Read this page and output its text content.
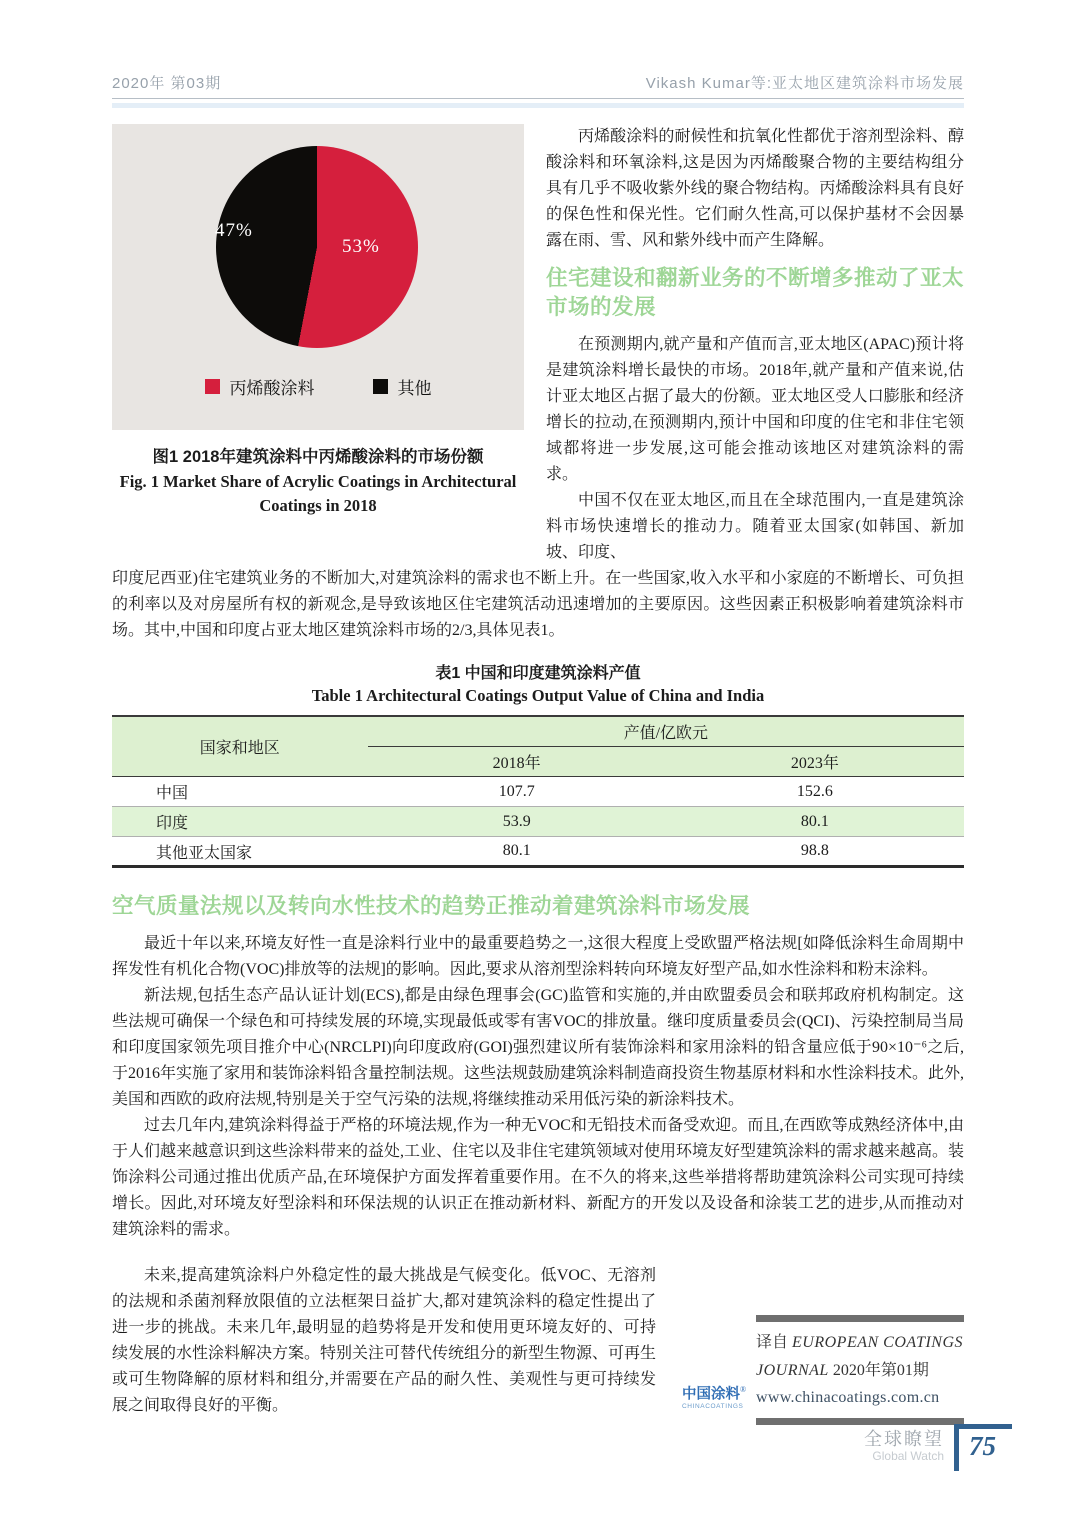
2020年 第03期	Vikash Kumar等:亚太地区建筑涂料市场发展
53%
47%
丙烯酸涂料	其他
图1 2018年建筑涂料中丙烯酸涂料的市场份额
Fig. 1 Market Share of Acrylic Coatings in Architectural
Coatings in 2018

丙烯酸涂料的耐候性和抗氧化性都优于溶剂型涂料、醇酸涂料和环氧涂料,这是因为丙烯酸聚合物的主要结构组分具有几乎不吸收紫外线的聚合物结构。丙烯酸涂料具有良好的保色性和保光性。它们耐久性高,可以保护基材不会因暴露在雨、雪、风和紫外线中而产生降解。

住宅建设和翻新业务的不断增多推动了亚太市场的发展

在预测期内,就产量和产值而言,亚太地区(APAC)预计将是建筑涂料增长最快的市场。2018年,就产量和产值来说,估计亚太地区占据了最大的份额。亚太地区受人口膨胀和经济增长的拉动,在预测期内,预计中国和印度的住宅和非住宅领域都将进一步发展,这可能会推动该地区对建筑涂料的需求。

中国不仅在亚太地区,而且在全球范围内,一直是建筑涂料市场快速增长的推动力。随着亚太国家(如韩国、新加坡、印度、

印度尼西亚)住宅建筑业务的不断加大,对建筑涂料的需求也不断上升。在一些国家,收入水平和小家庭的不断增长、可负担的利率以及对房屋所有权的新观念,是导致该地区住宅建筑活动迅速增加的主要原因。这些因素正积极影响着建筑涂料市场。其中,中国和印度占亚太地区建筑涂料市场的2/3,具体见表1。

表1 中国和印度建筑涂料产值
Table 1 Architectural Coatings Output Value of China and India
国家和地区	产值/亿欧元	
	2018年	2023年
中国	107.7	152.6
印度	53.9	80.1
其他亚太国家	80.1	98.8
空气质量法规以及转向水性技术的趋势正推动着建筑涂料市场发展

最近十年以来,环境友好性一直是涂料行业中的最重要趋势之一,这很大程度上受欧盟严格法规[如降低涂料生命周期中挥发性有机化合物(VOC)排放等的法规]的影响。因此,要求从溶剂型涂料转向环境友好型产品,如水性涂料和粉末涂料。

新法规,包括生态产品认证计划(ECS),都是由绿色理事会(GC)监管和实施的,并由欧盟委员会和联邦政府机构制定。这些法规可确保一个绿色和可持续发展的环境,实现最低或零有害VOC的排放量。继印度质量委员会(QCI)、污染控制局当局和印度国家领先项目推介中心(NRCLPI)向印度政府(GOI)强烈建议所有装饰涂料和家用涂料的铅含量应低于90×10⁻⁶之后,于2016年实施了家用和装饰涂料铅含量控制法规。这些法规鼓励建筑涂料制造商投资生物基原材料和水性涂料技术。此外,美国和西欧的政府法规,特别是关于空气污染的法规,将继续推动采用低污染的新涂料技术。

过去几年内,建筑涂料得益于严格的环境法规,作为一种无VOC和无铅技术而备受欢迎。而且,在西欧等成熟经济体中,由于人们越来越意识到这些涂料带来的益处,工业、住宅以及非住宅建筑领域对使用环境友好型建筑涂料的需求越来越高。装饰涂料公司通过推出优质产品,在环境保护方面发挥着重要作用。在不久的将来,这些举措将帮助建筑涂料公司实现可持续增长。因此,对环境友好型涂料和环保法规的认识正在推动新材料、新配方的开发以及设备和涂装工艺的进步,从而推动对建筑涂料的需求。

译自 EUROPEAN COATINGS
JOURNAL 2020年第01期
中国涂料®
CHINACOATINGS
www.chinacoatings.com.cn

未来,提高建筑涂料户外稳定性的最大挑战是气候变化。低VOC、无溶剂的法规和杀菌剂释放限值的立法框架日益扩大,都对建筑涂料的稳定性提出了进一步的挑战。未来几年,最明显的趋势将是开发和使用更环境友好的、可持续发展的水性涂料解决方案。特别关注可替代传统组分的新型生物源、可再生或可生物降解的原材料和组分,并需要在产品的耐久性、美观性与更可持续发展之间取得良好的平衡。

全球瞭望
Global Watch 75
